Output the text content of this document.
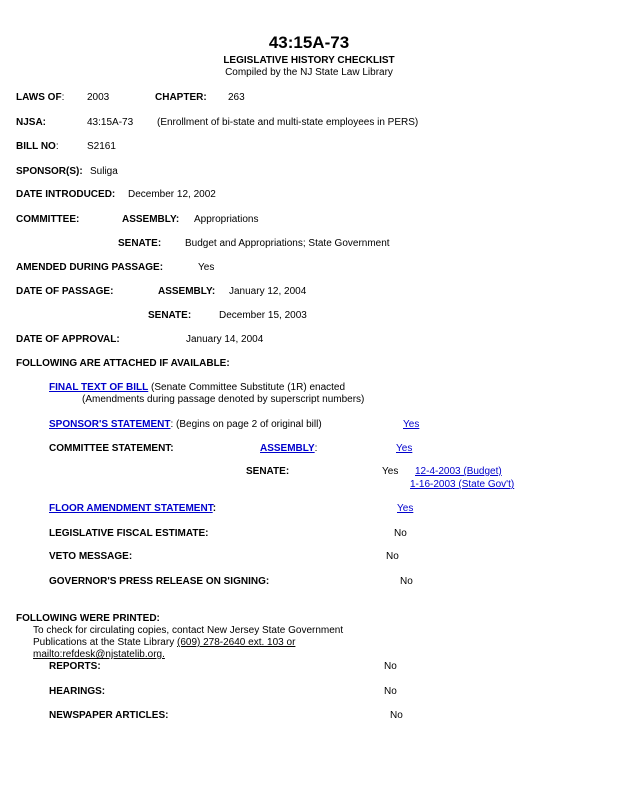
43:15A-73
LEGISLATIVE HISTORY CHECKLIST
Compiled by the NJ State Law Library
LAWS OF: 2003	CHAPTER: 263
NJSA:	43:15A-73 (Enrollment of bi-state and multi-state employees in PERS)
BILL NO:	S2161
SPONSOR(S): Suliga
DATE INTRODUCED: December 12, 2002
COMMITTEE:	ASSEMBLY: Appropriations
SENATE: Budget and Appropriations; State Government
AMENDED DURING PASSAGE:	Yes
DATE OF PASSAGE:	ASSEMBLY: January 12, 2004
SENATE:	December 15, 2003
DATE OF APPROVAL:	January 14, 2004
FOLLOWING ARE ATTACHED IF AVAILABLE:
FINAL TEXT OF BILL (Senate Committee Substitute (1R) enacted
(Amendments during passage denoted by superscript numbers)
SPONSOR'S STATEMENT: (Begins on page 2 of original bill)	Yes
COMMITTEE STATEMENT:	ASSEMBLY:	Yes
SENATE:	Yes 12-4-2003 (Budget)
1-16-2003 (State Gov't)
FLOOR AMENDMENT STATEMENT:	Yes
LEGISLATIVE FISCAL ESTIMATE:	No
VETO MESSAGE:	No
GOVERNOR'S PRESS RELEASE ON SIGNING:	No
FOLLOWING WERE PRINTED:
To check for circulating copies, contact New Jersey State Government
Publications at the State Library (609) 278-2640 ext. 103 or
mailto:refdesk@njstatelib.org.
REPORTS:	No
HEARINGS:	No
NEWSPAPER ARTICLES:	No
